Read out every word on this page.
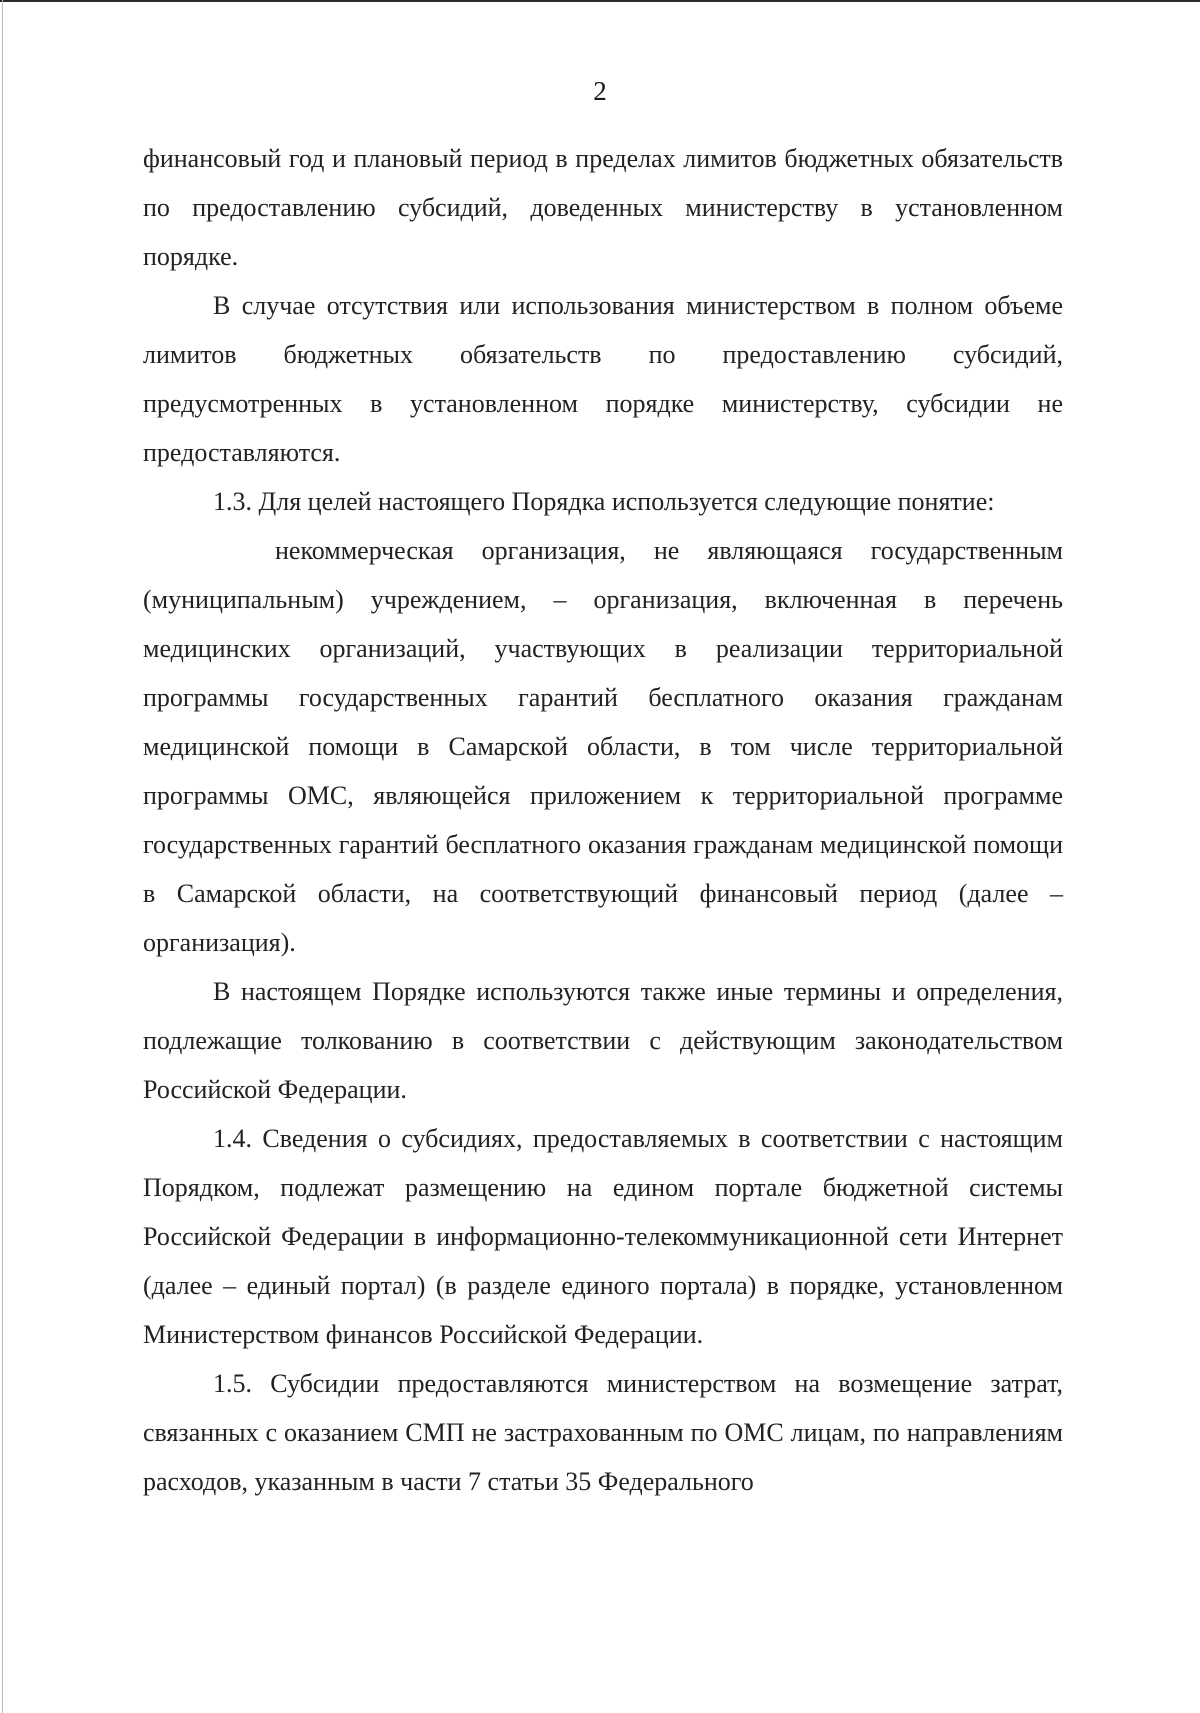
2

финансовый год и плановый период в пределах лимитов бюджетных обязательств по предоставлению субсидий, доведенных министерству в установленном порядке.

В случае отсутствия или использования министерством в полном объеме лимитов бюджетных обязательств по предоставлению субсидий, предусмотренных в установленном порядке министерству, субсидии не предоставляются.

1.3. Для целей настоящего Порядка используется следующие понятие:

некоммерческая организация, не являющаяся государственным (муниципальным) учреждением, – организация, включенная в перечень медицинских организаций, участвующих в реализации территориальной программы государственных гарантий бесплатного оказания гражданам медицинской помощи в Самарской области, в том числе территориальной программы ОМС, являющейся приложением к территориальной программе государственных гарантий бесплатного оказания гражданам медицинской помощи в Самарской области, на соответствующий финансовый период (далее – организация).

В настоящем Порядке используются также иные термины и определения, подлежащие толкованию в соответствии с действующим законодательством Российской Федерации.

1.4. Сведения о субсидиях, предоставляемых в соответствии с настоящим Порядком, подлежат размещению на едином портале бюджетной системы Российской Федерации в информационно-телекоммуникационной сети Интернет (далее – единый портал) (в разделе единого портала) в порядке, установленном Министерством финансов Российской Федерации.

1.5. Субсидии предоставляются министерством на возмещение затрат, связанных с оказанием СМП не застрахованным по ОМС лицам, по направлениям расходов, указанным в части 7 статьи 35 Федерального
